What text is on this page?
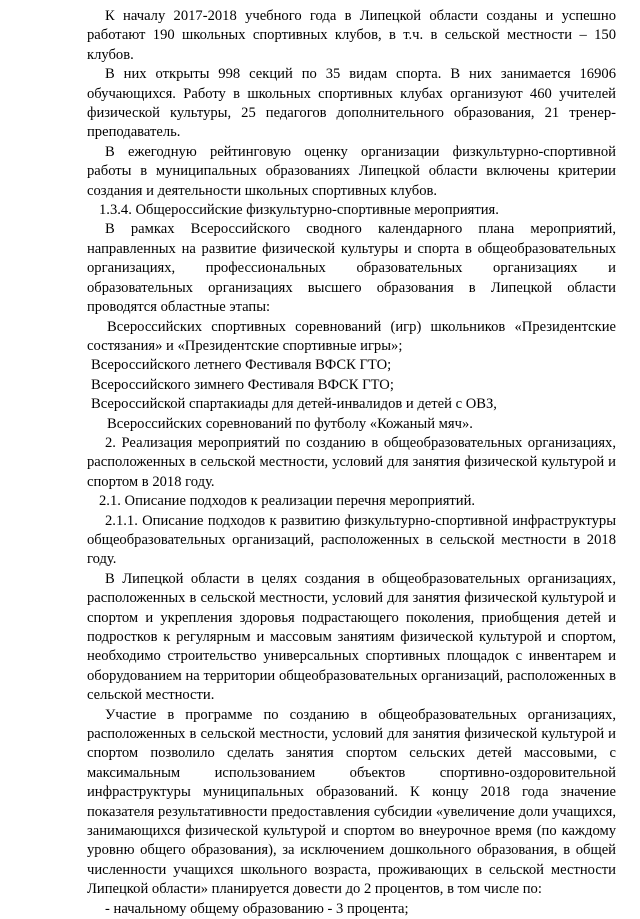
К началу 2017-2018 учебного года в Липецкой области созданы и успешно работают 190 школьных спортивных клубов, в т.ч. в сельской местности – 150 клубов.

В них открыты 998 секций по 35 видам спорта. В них занимается 16906 обучающихся. Работу в школьных спортивных клубах организуют 460 учителей физической культуры, 25 педагогов дополнительного образования, 21 тренер-преподаватель.

В ежегодную рейтинговую оценку организации физкультурно-спортивной работы в муниципальных образованиях Липецкой области включены критерии создания и деятельности школьных спортивных клубов.

1.3.4. Общероссийские физкультурно-спортивные мероприятия.

В рамках Всероссийского сводного календарного плана мероприятий, направленных на развитие физической культуры и спорта в общеобразовательных организациях, профессиональных образовательных организациях и образовательных организациях высшего образования в Липецкой области проводятся областные этапы:

Всероссийских спортивных соревнований (игр) школьников «Президентские состязания» и «Президентские спортивные игры»;

Всероссийского летнего Фестиваля ВФСК ГТО;

Всероссийского зимнего Фестиваля ВФСК ГТО;

Всероссийской спартакиады для детей-инвалидов и детей с ОВЗ,

Всероссийских соревнований по футболу «Кожаный мяч».

2. Реализация мероприятий по созданию в общеобразовательных организациях, расположенных в сельской местности, условий для занятия физической культурой и спортом в 2018 году.

2.1. Описание подходов к реализации перечня мероприятий.

2.1.1. Описание подходов к развитию физкультурно-спортивной инфраструктуры общеобразовательных организаций, расположенных в сельской местности в 2018 году.

В Липецкой области в целях создания в общеобразовательных организациях, расположенных в сельской местности, условий для занятия физической культурой и спортом и укрепления здоровья подрастающего поколения, приобщения детей и подростков к регулярным и массовым занятиям физической культурой и спортом, необходимо строительство универсальных спортивных площадок с инвентарем и оборудованием на территории общеобразовательных организаций, расположенных в сельской местности.

Участие в программе по созданию в общеобразовательных организациях, расположенных в сельской местности, условий для занятия физической культурой и спортом позволило сделать занятия спортом сельских детей массовыми, с максимальным использованием объектов спортивно-оздоровительной инфраструктуры муниципальных образований. К концу 2018 года значение показателя результативности предоставления субсидии «увеличение доли учащихся, занимающихся физической культурой и спортом во внеурочное время (по каждому уровню общего образования), за исключением дошкольного образования, в общей численности учащихся школьного возраста, проживающих в сельской местности Липецкой области» планируется довести до 2 процентов, в том числе по:

- начальному общему образованию - 3 процента;
